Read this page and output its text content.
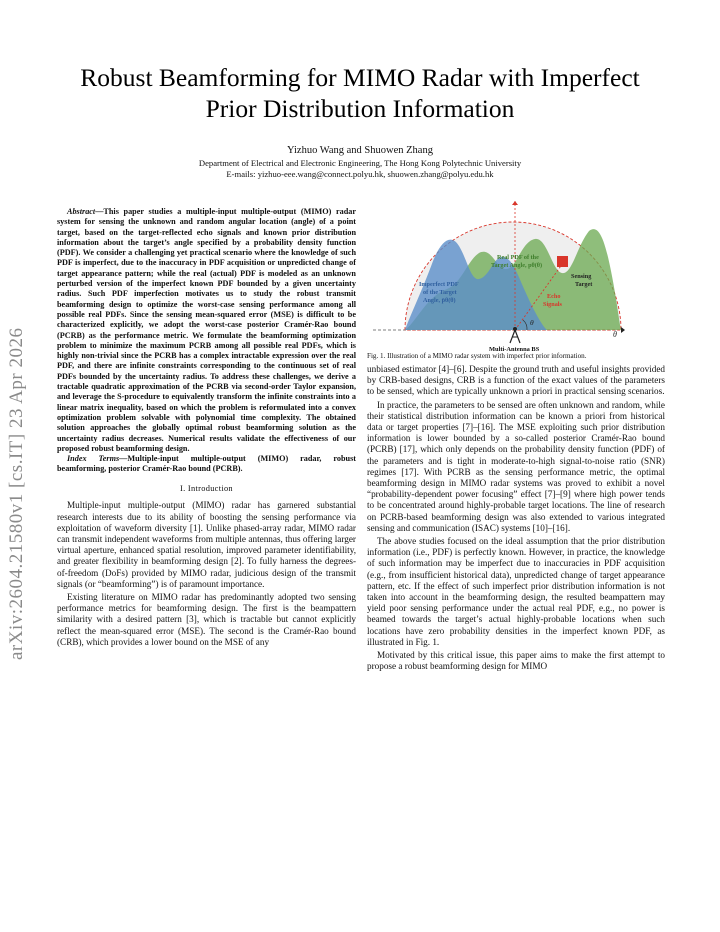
arXiv:2604.21580v1 [cs.IT] 23 Apr 2026
Robust Beamforming for MIMO Radar with Imperfect Prior Distribution Information
Yizhuo Wang and Shuowen Zhang
Department of Electrical and Electronic Engineering, The Hong Kong Polytechnic University
E-mails: yizhuo-eee.wang@connect.polyu.hk, shuowen.zhang@polyu.edu.hk

Abstract—This paper studies a multiple-input multiple-output (MIMO) radar system for sensing the unknown and random angular location (angle) of a point target, based on the target-reflected echo signals and known prior distribution information about the target’s angle specified by a probability density function (PDF). We consider a challenging yet practical scenario where the knowledge of such PDF is imperfect, due to the inaccuracy in PDF acquisition or unpredicted change of target appearance pattern; while the real (actual) PDF is modeled as an unknown perturbed version of the imperfect known PDF bounded by a given uncertainty radius. Such PDF imperfection motivates us to study the robust transmit beamforming design to optimize the worst-case sensing performance among all possible real PDFs. Since the sensing mean-squared error (MSE) is difficult to be characterized explicitly, we adopt the worst-case posterior Cramér-Rao bound (PCRB) as the performance metric. We formulate the beamforming optimization problem to minimize the maximum PCRB among all possible real PDFs, which is highly non-trivial since the PCRB has a complex intractable expression over the real PDF, and there are infinite constraints corresponding to the continuous set of real PDFs bounded by the uncertainty radius. To address these challenges, we derive a tractable quadratic approximation of the PCRB via second-order Taylor expansion, and leverage the S-procedure to equivalently transform the infinite constraints into a linear matrix inequality, based on which the problem is reformulated into a convex optimization problem solvable with polynomial time complexity. The obtained solution approaches the globally optimal robust beamforming solution as the uncertainty radius decreases. Numerical results validate the effectiveness of our proposed robust beamforming design.

Index Terms—Multiple-input multiple-output (MIMO) radar, robust beamforming, posterior Cramér-Rao bound (PCRB).

I. Introduction

Multiple-input multiple-output (MIMO) radar has garnered substantial research interests due to its ability of boosting the sensing performance via exploitation of waveform diversity [1]. Unlike phased-array radar, MIMO radar can transmit independent waveforms from multiple antennas, thus offering larger virtual aperture, enhanced spatial resolution, improved parameter identifiability, and greater flexibility in beamforming design [2]. To fully harness the degrees-of-freedom (DoFs) provided by MIMO radar, judicious design of the transmit signals (or “beamforming”) is of paramount importance.

Existing literature on MIMO radar has predominantly adopted two sensing performance metrics for beamforming design. The first is the beampattern similarity with a desired pattern [3], which is tractable but cannot explicitly reflect the mean-squared error (MSE). The second is the Cramér-Rao bound (CRB), which provides a lower bound on the MSE of any

θ
θ
Real PDF of the
Target Angle, pθ(θ)
Imperfect PDF
of the Target
Angle, p̄θ(θ)
Sensing
Target
Echo
Signals
Multi-Antenna BS
Fig. 1. Illustration of a MIMO radar system with imperfect prior information.

unbiased estimator [4]–[6]. Despite the ground truth and useful insights provided by CRB-based designs, CRB is a function of the exact values of the parameters to be sensed, which are typically unknown a priori in practical sensing scenarios.

In practice, the parameters to be sensed are often unknown and random, while their statistical distribution information can be known a priori from historical data or target properties [7]–[16]. The MSE exploiting such prior distribution information is lower bounded by a so-called posterior Cramér-Rao bound (PCRB) [17], which only depends on the probability density function (PDF) of the parameters and is tight in moderate-to-high signal-to-noise ratio (SNR) regimes [17]. With PCRB as the sensing performance metric, the optimal beamforming design in MIMO radar systems was proved to exhibit a novel “probability-dependent power focusing” effect [7]–[9] where high power tends to be concentrated around highly-probable target locations. The line of research on PCRB-based beamforming design was also extended to various integrated sensing and communication (ISAC) systems [10]–[16].

The above studies focused on the ideal assumption that the prior distribution information (i.e., PDF) is perfectly known. However, in practice, the knowledge of such information may be imperfect due to inaccuracies in PDF acquisition (e.g., from insufficient historical data), unpredicted change of target appearance pattern, etc. If the effect of such imperfect prior distribution information is not taken into account in the beamforming design, the resulted beampattern may yield poor sensing performance under the actual real PDF, e.g., no power is beamed towards the target’s actual highly-probable locations when such locations have zero probability densities in the imperfect known PDF, as illustrated in Fig. 1.

Motivated by this critical issue, this paper aims to make the first attempt to propose a robust beamforming design for MIMO
